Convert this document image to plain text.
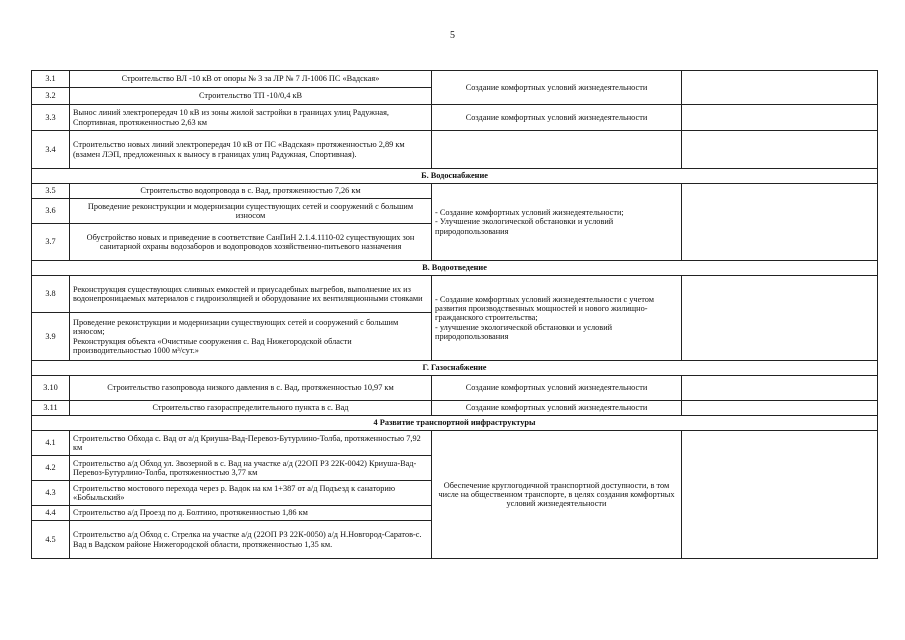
5
3.1	Строительство ВЛ -10 кВ от опоры № 3 за ЛР № 7 Л-1006 ПС «Вадская»	Создание комфортных условий жизнедеятельности	
3.2	Строительство ТП -10/0,4 кВ		
3.3	Вынос линий электропередач 10 кВ из зоны жилой застройки в границах улиц Радужная, Спортивная, протяженностью 2,63 км	Создание комфортных условий жизнедеятельности	
3.4	Строительство новых линий электропередач 10 кВ от ПС «Вадская» протяженностью 2,89 км (взамен ЛЭП, предложенных к выносу в границах улиц Радужная, Спортивная).		
Б. Водоснабжение			
3.5	Строительство водопровода в с. Вад, протяженностью 7,26 км	- Создание комфортных условий жизнедеятельности;
- Улучшение экологической обстановки и условий природопользования	
3.6	Проведение реконструкции и модернизации существующих сетей и сооружений с большим износом		
3.7	Обустройство новых и приведение в соответствие СанПиН 2.1.4.1110-02 существующих зон санитарной охраны водозаборов и водопроводов хозяйственно-питьевого назначения		
В. Водоотведение			
3.8	Реконструкция существующих сливных емкостей и приусадебных выгребов, выполнение их из водонепроницаемых материалов с гидроизоляцией и оборудование их вентиляционными стояками	- Создание комфортных условий жизнедеятельности с учетом развития производственных мощностей и нового жилищно- гражданского строительства;
- улучшение экологической обстановки и условий природопользования	
3.9	Проведение реконструкции и модернизации существующих сетей и сооружений с большим износом;
Реконструкция объекта «Очистные сооружения с. Вад Нижегородской области производительностью 1000 м³/сут.»		
Г. Газоснабжение			
3.10	Строительство газопровода низкого давления в с. Вад, протяженностью 10,97 км	Создание комфортных условий жизнедеятельности	
3.11	Строительство газораспределительного пункта в с. Вад	Создание комфортных условий жизнедеятельности	
4 Развитие транспортной инфраструктуры			
4.1	Строительство Обхода с. Вад от а/д Криуша-Вад-Перевоз-Бутурлино-Толба, протяженностью 7,92 км	Обеспечение круглогодичной транспортной доступности, в том числе на общественном транспорте, в целях создания комфортных условий жизнедеятельности	
4.2	Строительство а/д Обход ул. Звозерной в с. Вад на участке а/д (22ОП РЗ 22К-0042) Криуша-Вад-Перевоз-Бутурлино-Толба, протяженностью 3,77 км		
4.3	Строительство мостового перехода через р. Вадок на км 1+387 от а/д Подъезд к санаторию «Бобыльский»		
4.4	Строительство а/д Проезд по д. Болтино, протяженностью 1,86 км		
4.5	Строительство а/д Обход с. Стрелка на участке а/д (22ОП РЗ 22К-0050) а/д Н.Новгород-Саратов-с. Вад в Вадском районе Нижегородской области, протяженностью 1,35 км.		
